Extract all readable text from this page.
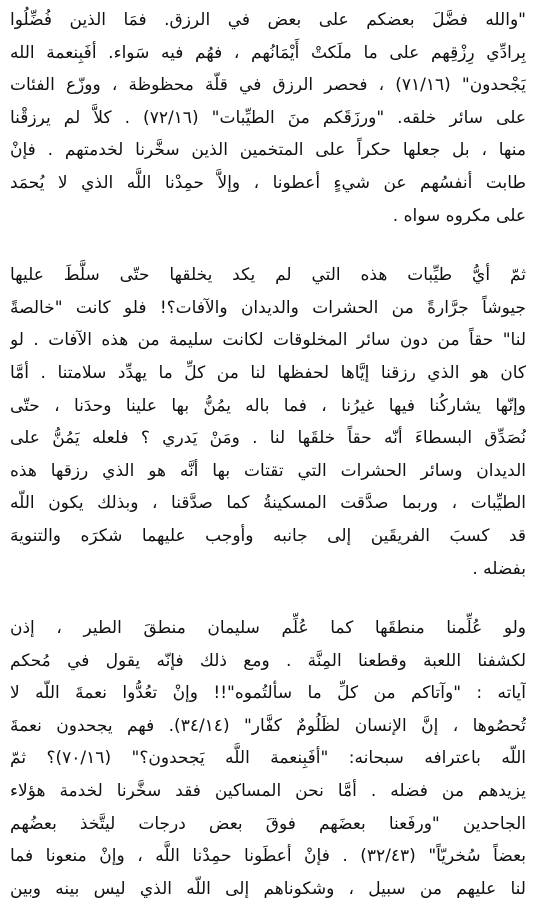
"والله فضَّلَ بعضكم على بعض في الرزق. فمَا الذين فُضِّلُوا
بِرادِّي رِزْقِهم على ما ملَكتْ أَيْمَانُهم ، فهُم فيه سَواء. أفَبِنعمة الله
يَجْحدون" (٧١/١٦) ، فحصر الرزق في قلّة محظوظة ، ووزّع الفئات
على سائر خلقه. "ورزَقَكم منَ الطيِّبات" (٧٢/١٦) . كلاَّ لم يرزقْنا
منها ، بل جعلها حكراً على المتخمين الذين سخَّرنا لخدمتهم . فإنْ
طابت أنفسُهم عن شيءٍ أعطونا ، وإلاَّ حمِدْنا اللَّه الذي لا يُحمَد
على مكروه سواه .

ثمّ أيُّ طيِّبات هذه التي لم يكد يخلقها حتّى سلَّطَ عليها
جيوشاً جرَّارةً من الحشرات والديدان والآفات؟! فلو كانت "خالصةً
لنا" حقاً من دون سائر المخلوقات لكانت سليمة من هذه الآفات . لو
كان هو الذي رزقنا إيَّاها لحفظها لنا من كلِّ ما يهدِّد سلامتنا . أمَّا
وإنّها يشاركُنا فيها غيرُنا ، فما باله يمُنُّ بها علينا وحدَنا ، حتّى
نُصَدِّق البسطاءَ أنّه حقاً خلقَها لنا . ومَنْ يَدري ؟ فلعله يَمُنُّ على
الديدان وسائر الحشرات التي تقتات بها أنَّه هو الذي رزقها هذه
الطيِّبات ، وربما صدَّقت المسكينةُ كما صدَّقنا ، وبذلك يكون اللّه
قد كسبَ الفريقَين إلى جانبه وأوجب عليهما شكرَه والتنويهَ
بفضله .

ولو عُلِّمنا منطقَها كما عُلِّم سليمان منطقَ الطير ، إذن
لكشفنا اللعبة وقطعنا المِنَّة . ومع ذلك فإنّه يقول في مُحكم
آياته : "وآتاكم من كلِّ ما سألتُموه"!! وإنْ تعُدُّوا نعمةَ اللّه لا
تُحصُوها ، إنَّ الإنسان لظَلُومٌ كفَّار" (٣٤/١٤). فهم يجحدون نعمةَ
اللّه باعترافه سبحانه: "أفَبِنعمة اللَّه يَجحدون؟" (٧٠/١٦)؟ ثمّ
يزيدهم من فضله . أمَّا نحن المساكين فقد سخَّرنا لخدمة هؤلاء
الجاحدين "ورفَعنا بعضَهم فوقَ بعض درجات ليتَّخذ بعضُهم
بعضاً سُخريّاً" (٣٢/٤٣) . فإنْ أعطَونا حمِدْنا اللَّه ، وإنْ منعونا فما
لنا عليهم من سبيل ، وشكوناهم إلى اللّه الذي ليس بينه وبين
